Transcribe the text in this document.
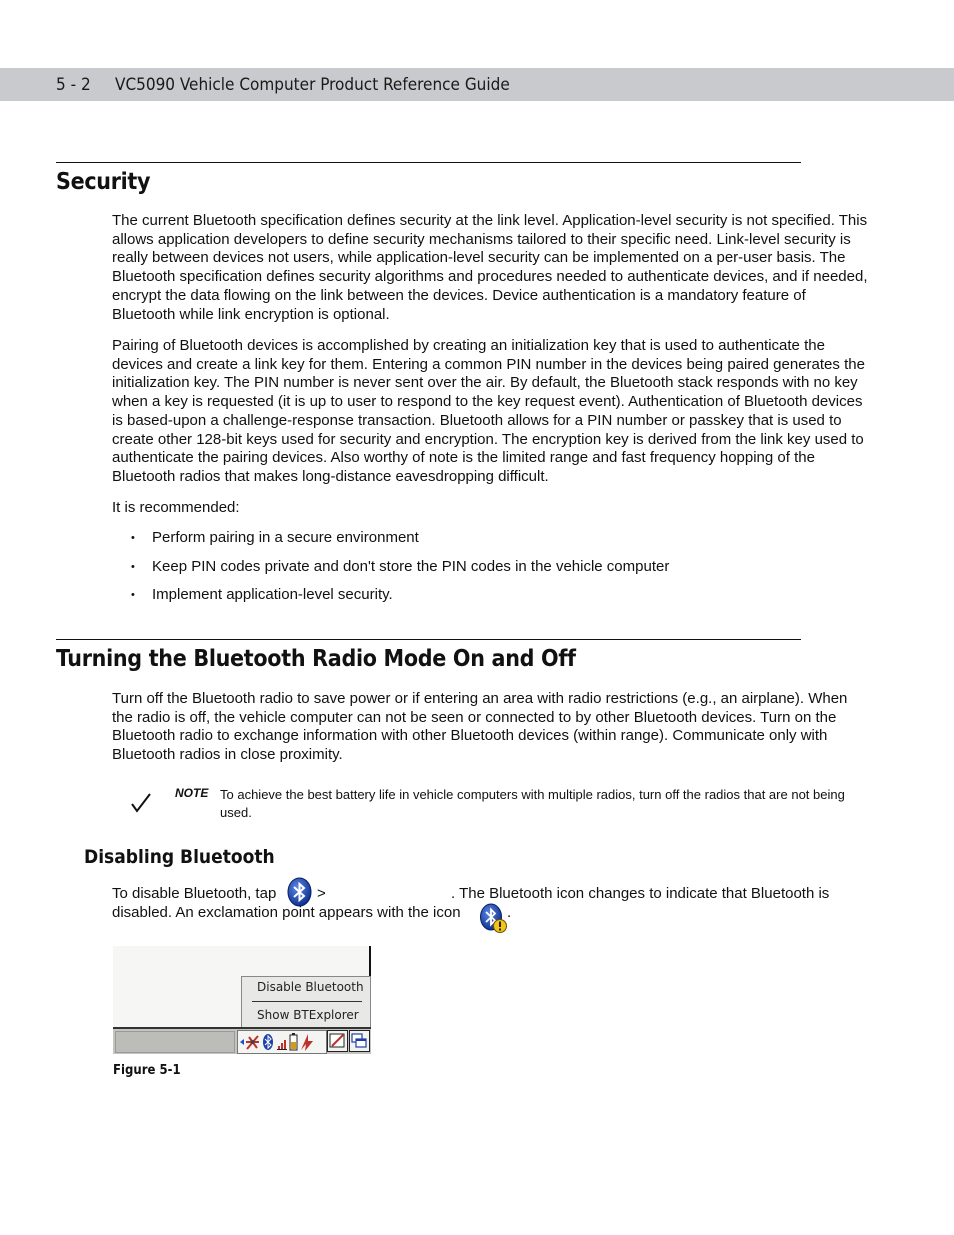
5 - 2 VC5090 Vehicle Computer Product Reference Guide
Security

The current Bluetooth specification defines security at the link level. Application-level security is not specified. This allows application developers to define security mechanisms tailored to their specific need. Link-level security is really between devices not users, while application-level security can be implemented on a per-user basis. The Bluetooth specification defines security algorithms and procedures needed to authenticate devices, and if needed, encrypt the data flowing on the link between the devices. Device authentication is a mandatory feature of Bluetooth while link encryption is optional.

Pairing of Bluetooth devices is accomplished by creating an initialization key that is used to authenticate the devices and create a link key for them. Entering a common PIN number in the devices being paired generates the initialization key. The PIN number is never sent over the air. By default, the Bluetooth stack responds with no key when a key is requested (it is up to user to respond to the key request event). Authentication of Bluetooth devices is based-upon a challenge-response transaction. Bluetooth allows for a PIN number or passkey that is used to create other 128-bit keys used for security and encryption. The encryption key is derived from the link key used to authenticate the pairing devices. Also worthy of note is the limited range and fast frequency hopping of the Bluetooth radios that makes long-distance eavesdropping difficult.

It is recommended:

• Perform pairing in a secure environment
• Keep PIN codes private and don't store the PIN codes in the vehicle computer
• Implement application-level security.
Turning the Bluetooth Radio Mode On and Off

Turn off the Bluetooth radio to save power or if entering an area with radio restrictions (e.g., an airplane). When the radio is off, the vehicle computer can not be seen or connected to by other Bluetooth devices. Turn on the Bluetooth radio to exchange information with other Bluetooth devices (within range). Communicate only with Bluetooth radios in close proximity.

NOTE To achieve the best battery life in vehicle computers with multiple radios, turn off the radios that are not being used.
Disabling Bluetooth
To disable Bluetooth, tap	>	. The Bluetooth icon changes to indicate that Bluetooth is
disabled. An exclamation point appears with the icon	.
Disable Bluetooth
Show BTExplorer
Figure 5-1
